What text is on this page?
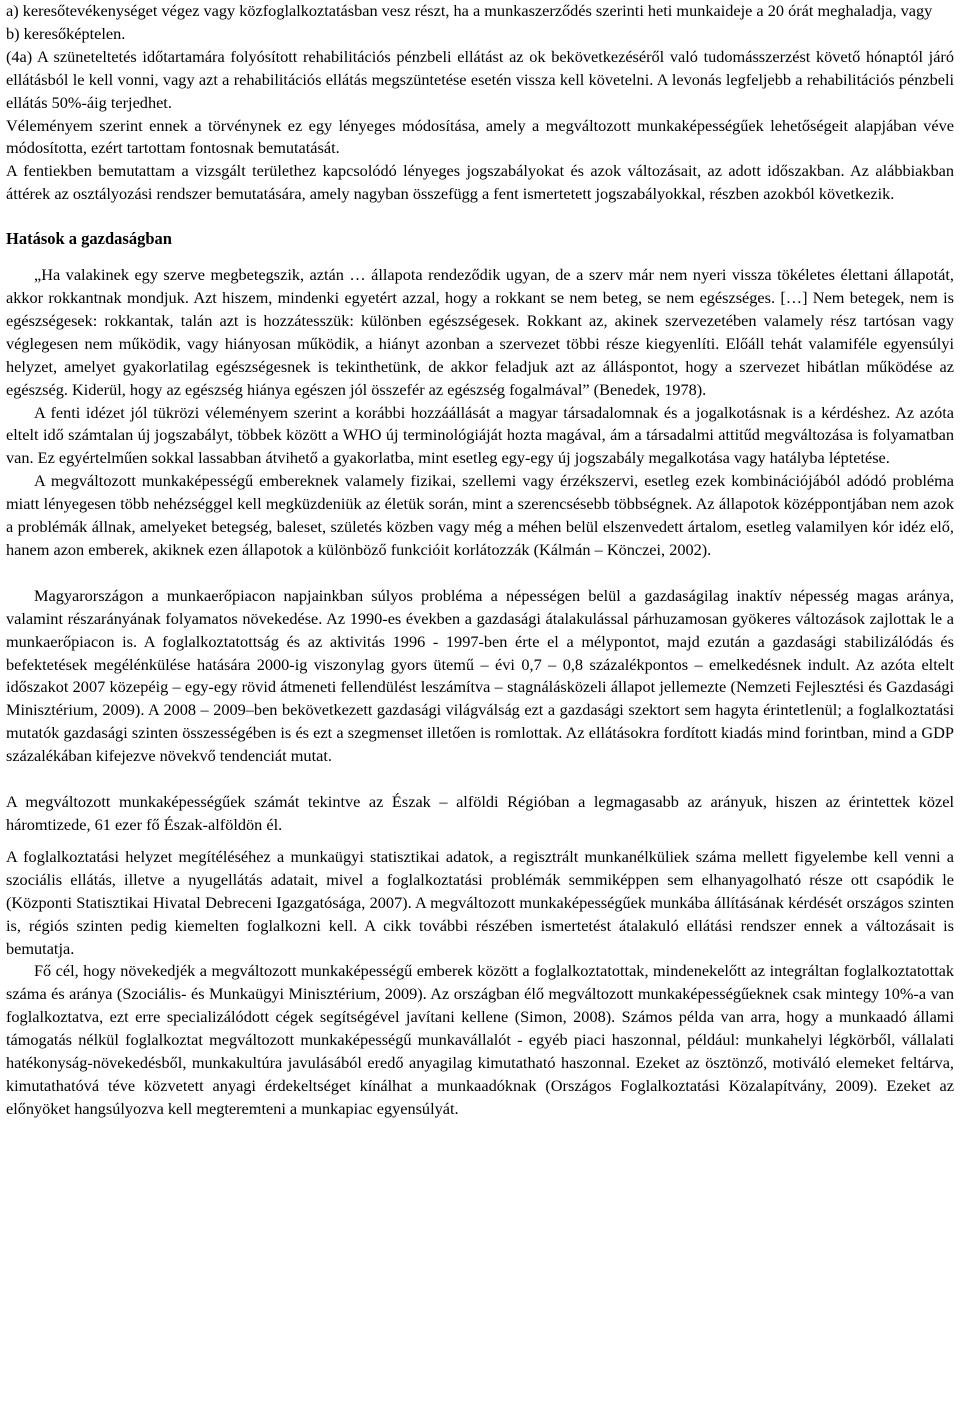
a) keresőtevékenységet végez vagy közfoglalkoztatásban vesz részt, ha a munkaszerződés szerinti heti munkaideje a 20 órát meghaladja, vagy

b) keresőképtelen.

(4a) A szüneteltetés időtartamára folyósított rehabilitációs pénzbeli ellátást az ok bekövetkezéséről való tudomásszerzést követő hónaptól járó ellátásból le kell vonni, vagy azt a rehabilitációs ellátás megszüntetése esetén vissza kell követelni. A levonás legfeljebb a rehabilitációs pénzbeli ellátás 50%-áig terjedhet.

Véleményem szerint ennek a törvénynek ez egy lényeges módosítása, amely a megváltozott munkaképességűek lehetőségeit alapjában véve módosította, ezért tartottam fontosnak bemutatását.

A fentiekben bemutattam a vizsgált területhez kapcsolódó lényeges jogszabályokat és azok változásait, az adott időszakban. Az alábbiakban áttérek az osztályozási rendszer bemutatására, amely nagyban összefügg a fent ismertetett jogszabályokkal, részben azokból következik.

Hatások a gazdaságban

„Ha valakinek egy szerve megbetegszik, aztán … állapota rendeződik ugyan, de a szerv már nem nyeri vissza tökéletes élettani állapotát, akkor rokkantnak mondjuk. Azt hiszem, mindenki egyetért azzal, hogy a rokkant se nem beteg, se nem egészséges. […] Nem betegek, nem is egészségesek: rokkantak, talán azt is hozzátesszük: különben egészségesek. Rokkant az, akinek szervezetében valamely rész tartósan vagy véglegesen nem működik, vagy hiányosan működik, a hiányt azonban a szervezet többi része kiegyenlíti. Előáll tehát valamiféle egyensúlyi helyzet, amelyet gyakorlatilag egészségesnek is tekinthetünk, de akkor feladjuk azt az álláspontot, hogy a szervezet hibátlan működése az egészség. Kiderül, hogy az egészség hiánya egészen jól összefér az egészség fogalmával” (Benedek, 1978).

A fenti idézet jól tükrözi véleményem szerint a korábbi hozzáállását a magyar társadalomnak és a jogalkotásnak is a kérdéshez. Az azóta eltelt idő számtalan új jogszabályt, többek között a WHO új terminológiáját hozta magával, ám a társadalmi attitűd megváltozása is folyamatban van. Ez egyértelműen sokkal lassabban átvihető a gyakorlatba, mint esetleg egy-egy új jogszabály megalkotása vagy hatályba léptetése.

A megváltozott munkaképességű embereknek valamely fizikai, szellemi vagy érzékszervi, esetleg ezek kombinációjából adódó probléma miatt lényegesen több nehézséggel kell megküzdeniük az életük során, mint a szerencsésebb többségnek. Az állapotok középpontjában nem azok a problémák állnak, amelyeket betegség, baleset, születés közben vagy még a méhen belül elszenvedett ártalom, esetleg valamilyen kór idéz elő, hanem azon emberek, akiknek ezen állapotok a különböző funkcióit korlátozzák (Kálmán – Könczei, 2002).

Magyarországon a munkaerőpiacon napjainkban súlyos probléma a népességen belül a gazdaságilag inaktív népesség magas aránya, valamint részarányának folyamatos növekedése. Az 1990-es években a gazdasági átalakulással párhuzamosan gyökeres változások zajlottak le a munkaerőpiacon is. A foglalkoztatottság és az aktivitás 1996 - 1997-ben érte el a mélypontot, majd ezután a gazdasági stabilizálódás és befektetések megélénkülése hatására 2000-ig viszonylag gyors ütemű – évi 0,7 – 0,8 százalékpontos – emelkedésnek indult. Az azóta eltelt időszakot 2007 közepéig – egy-egy rövid átmeneti fellendülést leszámítva – stagnálásközeli állapot jellemezte (Nemzeti Fejlesztési és Gazdasági Minisztérium, 2009). A 2008 – 2009–ben bekövetkezett gazdasági világválság ezt a gazdasági szektort sem hagyta érintetlenül; a foglalkoztatási mutatók gazdasági szinten összességében is és ezt a szegmenset illetően is romlottak. Az ellátásokra fordított kiadás mind forintban, mind a GDP százalékában kifejezve növekvő tendenciát mutat.

A megváltozott munkaképességűek számát tekintve az Észak – alföldi Régióban a legmagasabb az arányuk, hiszen az érintettek közel háromtizede, 61 ezer fő Észak-alföldön él.

A foglalkoztatási helyzet megítéléséhez a munkaügyi statisztikai adatok, a regisztrált munkanélküliek száma mellett figyelembe kell venni a szociális ellátás, illetve a nyugellátás adatait, mivel a foglalkoztatási problémák semmiképpen sem elhanyagolható része ott csapódik le (Központi Statisztikai Hivatal Debreceni Igazgatósága, 2007). A megváltozott munkaképességűek munkába állításának kérdését országos szinten is, régiós szinten pedig kiemelten foglalkozni kell. A cikk további részében ismertetést átalakuló ellátási rendszer ennek a változásait is bemutatja.

Fő cél, hogy növekedjék a megváltozott munkaképességű emberek között a foglalkoztatottak, mindenekelőtt az integráltan foglalkoztatottak száma és aránya (Szociális- és Munkaügyi Minisztérium, 2009). Az országban élő megváltozott munkaképességűeknek csak mintegy 10%-a van foglalkoztatva, ezt erre specializálódott cégek segítségével javítani kellene (Simon, 2008). Számos példa van arra, hogy a munkaadó állami támogatás nélkül foglalkoztat megváltozott munkaképességű munkavállalót - egyéb piaci haszonnal, például: munkahelyi légkörből, vállalati hatékonyság-növekedésből, munkakultúra javulásából eredő anyagilag kimutatható haszonnal. Ezeket az ösztönző, motiváló elemeket feltárva, kimutathatóvá téve közvetett anyagi érdekeltséget kínálhat a munkaadóknak (Országos Foglalkoztatási Közalapítvány, 2009). Ezeket az előnyöket hangsúlyozva kell megteremteni a munkapiac egyensúlyát.
